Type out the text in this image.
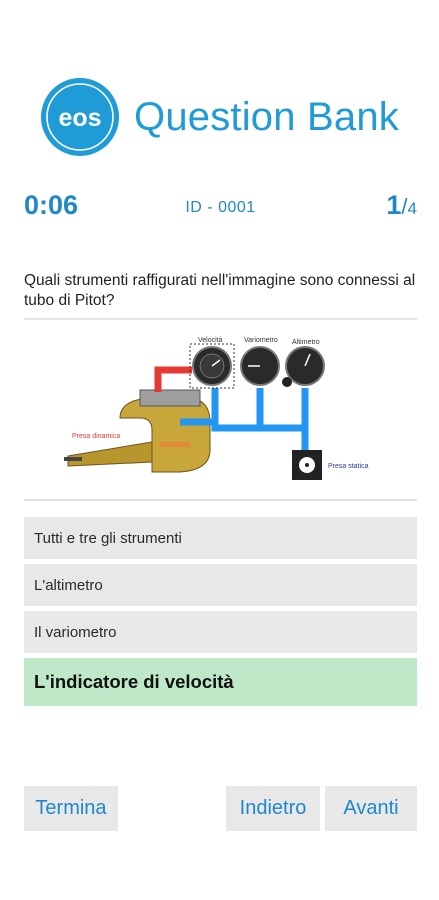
eos Question Bank
0:06	ID - 0001	1/4
Quali strumenti raffigurati nell'immagine sono connessi al tubo di Pitot?
Velocità	Variometro Altimetro
Presa dinamica
Presa statica
Tutti e tre gli strumenti
L'altimetro
Il variometro
L'indicatore di velocità
Termina	Indietro	Avanti
